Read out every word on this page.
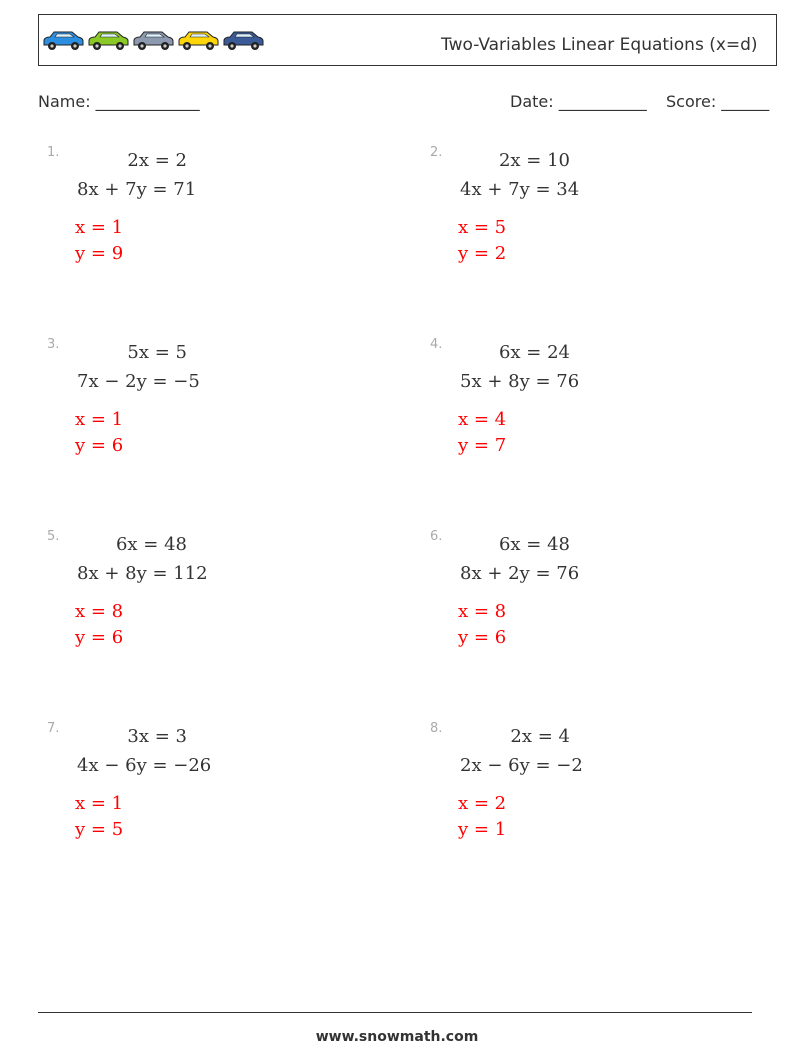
Two-Variables Linear Equations (x=d)
Name: _____________	Date: ___________ Score: ______
1.	2x = 2
8x + 7y = 71
x = 1
y = 9
2.	2x = 10
4x + 7y = 34
x = 5
y = 2
3.	5x = 5
7x − 2y = −5
x = 1
y = 6
4.	6x = 24
5x + 8y = 76
x = 4
y = 7
5.	6x = 48
8x + 8y = 112
x = 8
y = 6
6.	6x = 48
8x + 2y = 76
x = 8
y = 6
7.	3x = 3
4x − 6y = −26
x = 1
y = 5
8.	2x = 4
2x − 6y = −2
x = 2
y = 1
www.snowmath.com
